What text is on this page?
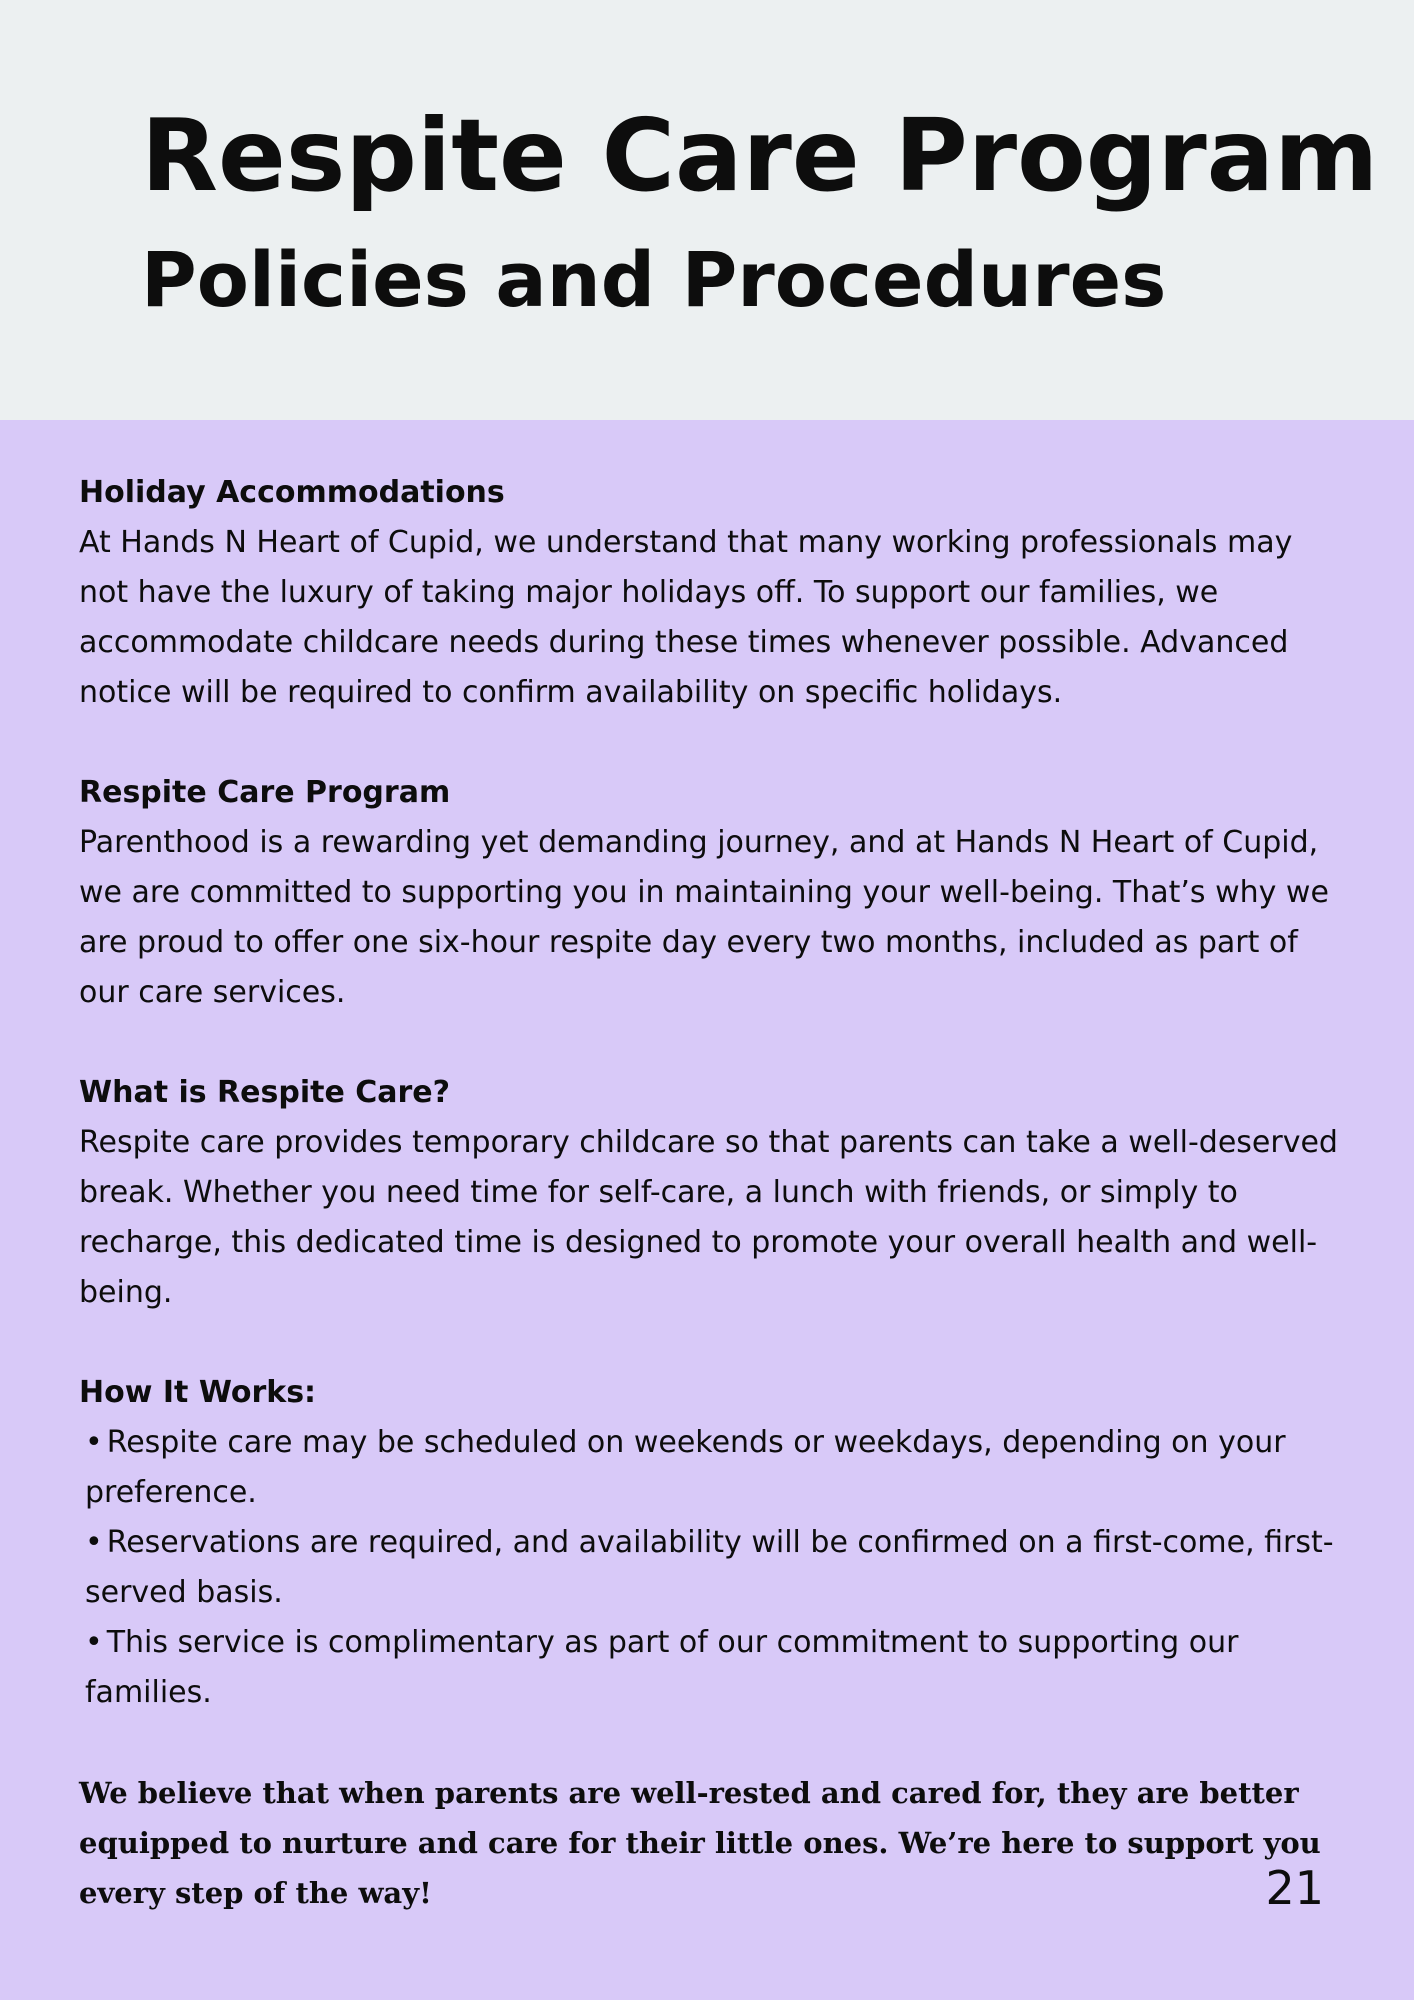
Respite Care Program
Policies and Procedures
Holiday Accommodations

At Hands N Heart of Cupid, we understand that many working professionals may not have the luxury of taking major holidays off. To support our families, we accommodate childcare needs during these times whenever possible. Advanced notice will be required to confirm availability on specific holidays.

Respite Care Program

Parenthood is a rewarding yet demanding journey, and at Hands N Heart of Cupid, we are committed to supporting you in maintaining your well-being. That’s why we are proud to offer one six-hour respite day every two months, included as part of our care services.

What is Respite Care?

Respite care provides temporary childcare so that parents can take a well-deserved break. Whether you need time for self-care, a lunch with friends, or simply to recharge, this dedicated time is designed to promote your overall health and well-being.

How It Works:
• Respite care may be scheduled on weekends or weekdays, depending on your preference.
• Reservations are required, and availability will be confirmed on a first-come, first-served basis.
• This service is complimentary as part of our commitment to supporting our families.

We believe that when parents are well-rested and cared for, they are better equipped to nurture and care for their little ones. We’re here to support you every step of the way!	21
